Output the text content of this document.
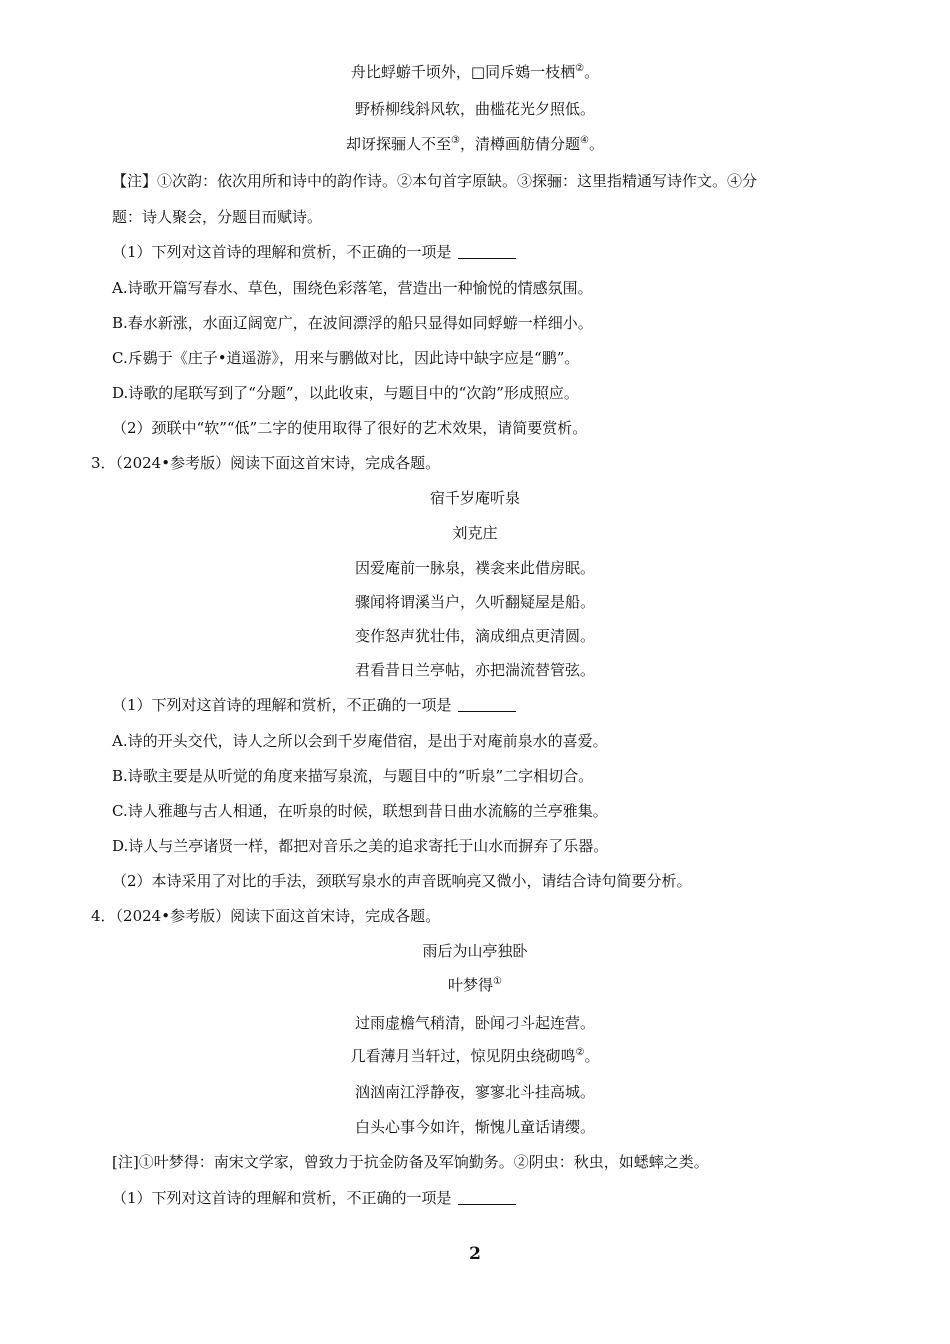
舟比蜉蝣千顷外，□同斥鴳一枝栖②。
野桥柳线斜风软，曲槛花光夕照低。
却讶探骊人不至③，清樽画舫倩分题④。
【注】①次韵：依次用所和诗中的韵作诗。②本句首字原缺。③探骊：这里指精通写诗作文。④分
题：诗人聚会，分题目而赋诗。
（1）下列对这首诗的理解和赏析，不正确的一项是
A.诗歌开篇写春水、草色，围绕色彩落笔，营造出一种愉悦的情感氛围。
B.春水新涨，水面辽阔宽广，在波间漂浮的船只显得如同蜉蝣一样细小。
C.斥鷃于《庄子•逍遥游》，用来与鹏做对比，因此诗中缺字应是“鹏”。
D.诗歌的尾联写到了“分题”，以此收束，与题目中的“次韵”形成照应。
（2）颈联中“软”“低”二字的使用取得了很好的艺术效果，请简要赏析。
3．（2024•参考版）阅读下面这首宋诗，完成各题。
宿千岁庵听泉
刘克庄
因爱庵前一脉泉，襆衾来此借房眠。
骤闻将谓溪当户，久听翻疑屋是船。
变作怒声犹壮伟，滴成细点更清圆。
君看昔日兰亭帖，亦把湍流替管弦。
（1）下列对这首诗的理解和赏析，不正确的一项是
A.诗的开头交代，诗人之所以会到千岁庵借宿，是出于对庵前泉水的喜爱。
B.诗歌主要是从听觉的角度来描写泉流，与题目中的“听泉”二字相切合。
C.诗人雅趣与古人相通，在听泉的时候，联想到昔日曲水流觞的兰亭雅集。
D.诗人与兰亭诸贤一样，都把对音乐之美的追求寄托于山水而摒弃了乐器。
（2）本诗采用了对比的手法，颈联写泉水的声音既响亮又微小，请结合诗句简要分析。
4．（2024•参考版）阅读下面这首宋诗，完成各题。
雨后为山亭独卧
叶梦得①
过雨虚檐气稍清，卧闻刁斗起连营。
几看薄月当轩过，惊见阴虫绕砌鸣②。
汹汹南江浮静夜，寥寥北斗挂高城。
白头心事今如许，惭愧儿童话请缨。
[注]①叶梦得：南宋文学家，曾致力于抗金防备及军饷勤务。②阴虫：秋虫，如蟋蟀之类。
（1）下列对这首诗的理解和赏析，不正确的一项是
2
